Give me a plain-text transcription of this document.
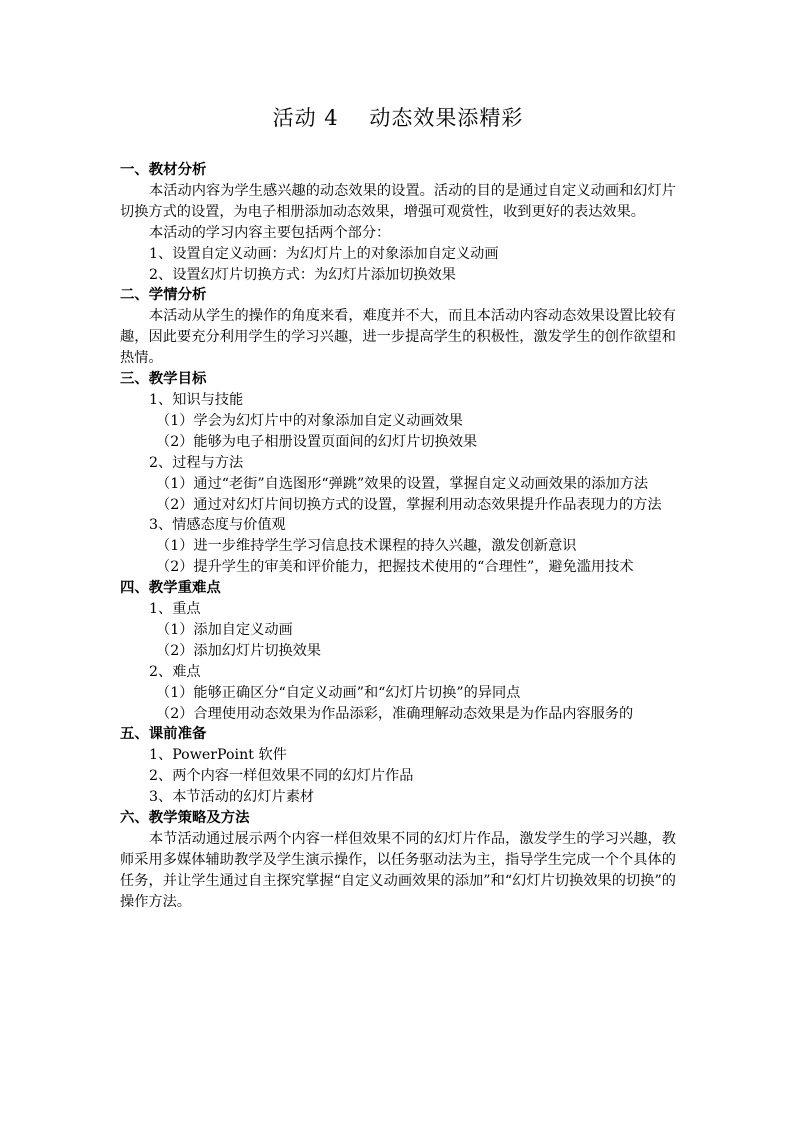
活动 4    动态效果添精彩
一、教材分析
本活动内容为学生感兴趣的动态效果的设置。活动的目的是通过自定义动画和幻灯片切换方式的设置，为电子相册添加动态效果，增强可观赏性，收到更好的表达效果。
本活动的学习内容主要包括两个部分：
1、设置自定义动画：为幻灯片上的对象添加自定义动画
2、设置幻灯片切换方式：为幻灯片添加切换效果
二、学情分析
本活动从学生的操作的角度来看，难度并不大，而且本活动内容动态效果设置比较有趣，因此要充分利用学生的学习兴趣，进一步提高学生的积极性，激发学生的创作欲望和热情。
三、教学目标
1、知识与技能
（1）学会为幻灯片中的对象添加自定义动画效果
（2）能够为电子相册设置页面间的幻灯片切换效果
2、过程与方法
（1）通过“老街”自选图形“弹跳”效果的设置，掌握自定义动画效果的添加方法
（2）通过对幻灯片间切换方式的设置，掌握利用动态效果提升作品表现力的方法
3、情感态度与价值观
（1）进一步维持学生学习信息技术课程的持久兴趣，激发创新意识
（2）提升学生的审美和评价能力，把握技术使用的“合理性”，避免滥用技术
四、教学重难点
1、重点
（1）添加自定义动画
（2）添加幻灯片切换效果
2、难点
（1）能够正确区分“自定义动画”和“幻灯片切换”的异同点
（2）合理使用动态效果为作品添彩，准确理解动态效果是为作品内容服务的
五、课前准备
1、PowerPoint 软件
2、两个内容一样但效果不同的幻灯片作品
3、本节活动的幻灯片素材
六、教学策略及方法
本节活动通过展示两个内容一样但效果不同的幻灯片作品，激发学生的学习兴趣，教师采用多媒体辅助教学及学生演示操作，以任务驱动法为主，指导学生完成一个个具体的任务，并让学生通过自主探究掌握“自定义动画效果的添加”和“幻灯片切换效果的切换”的操作方法。
